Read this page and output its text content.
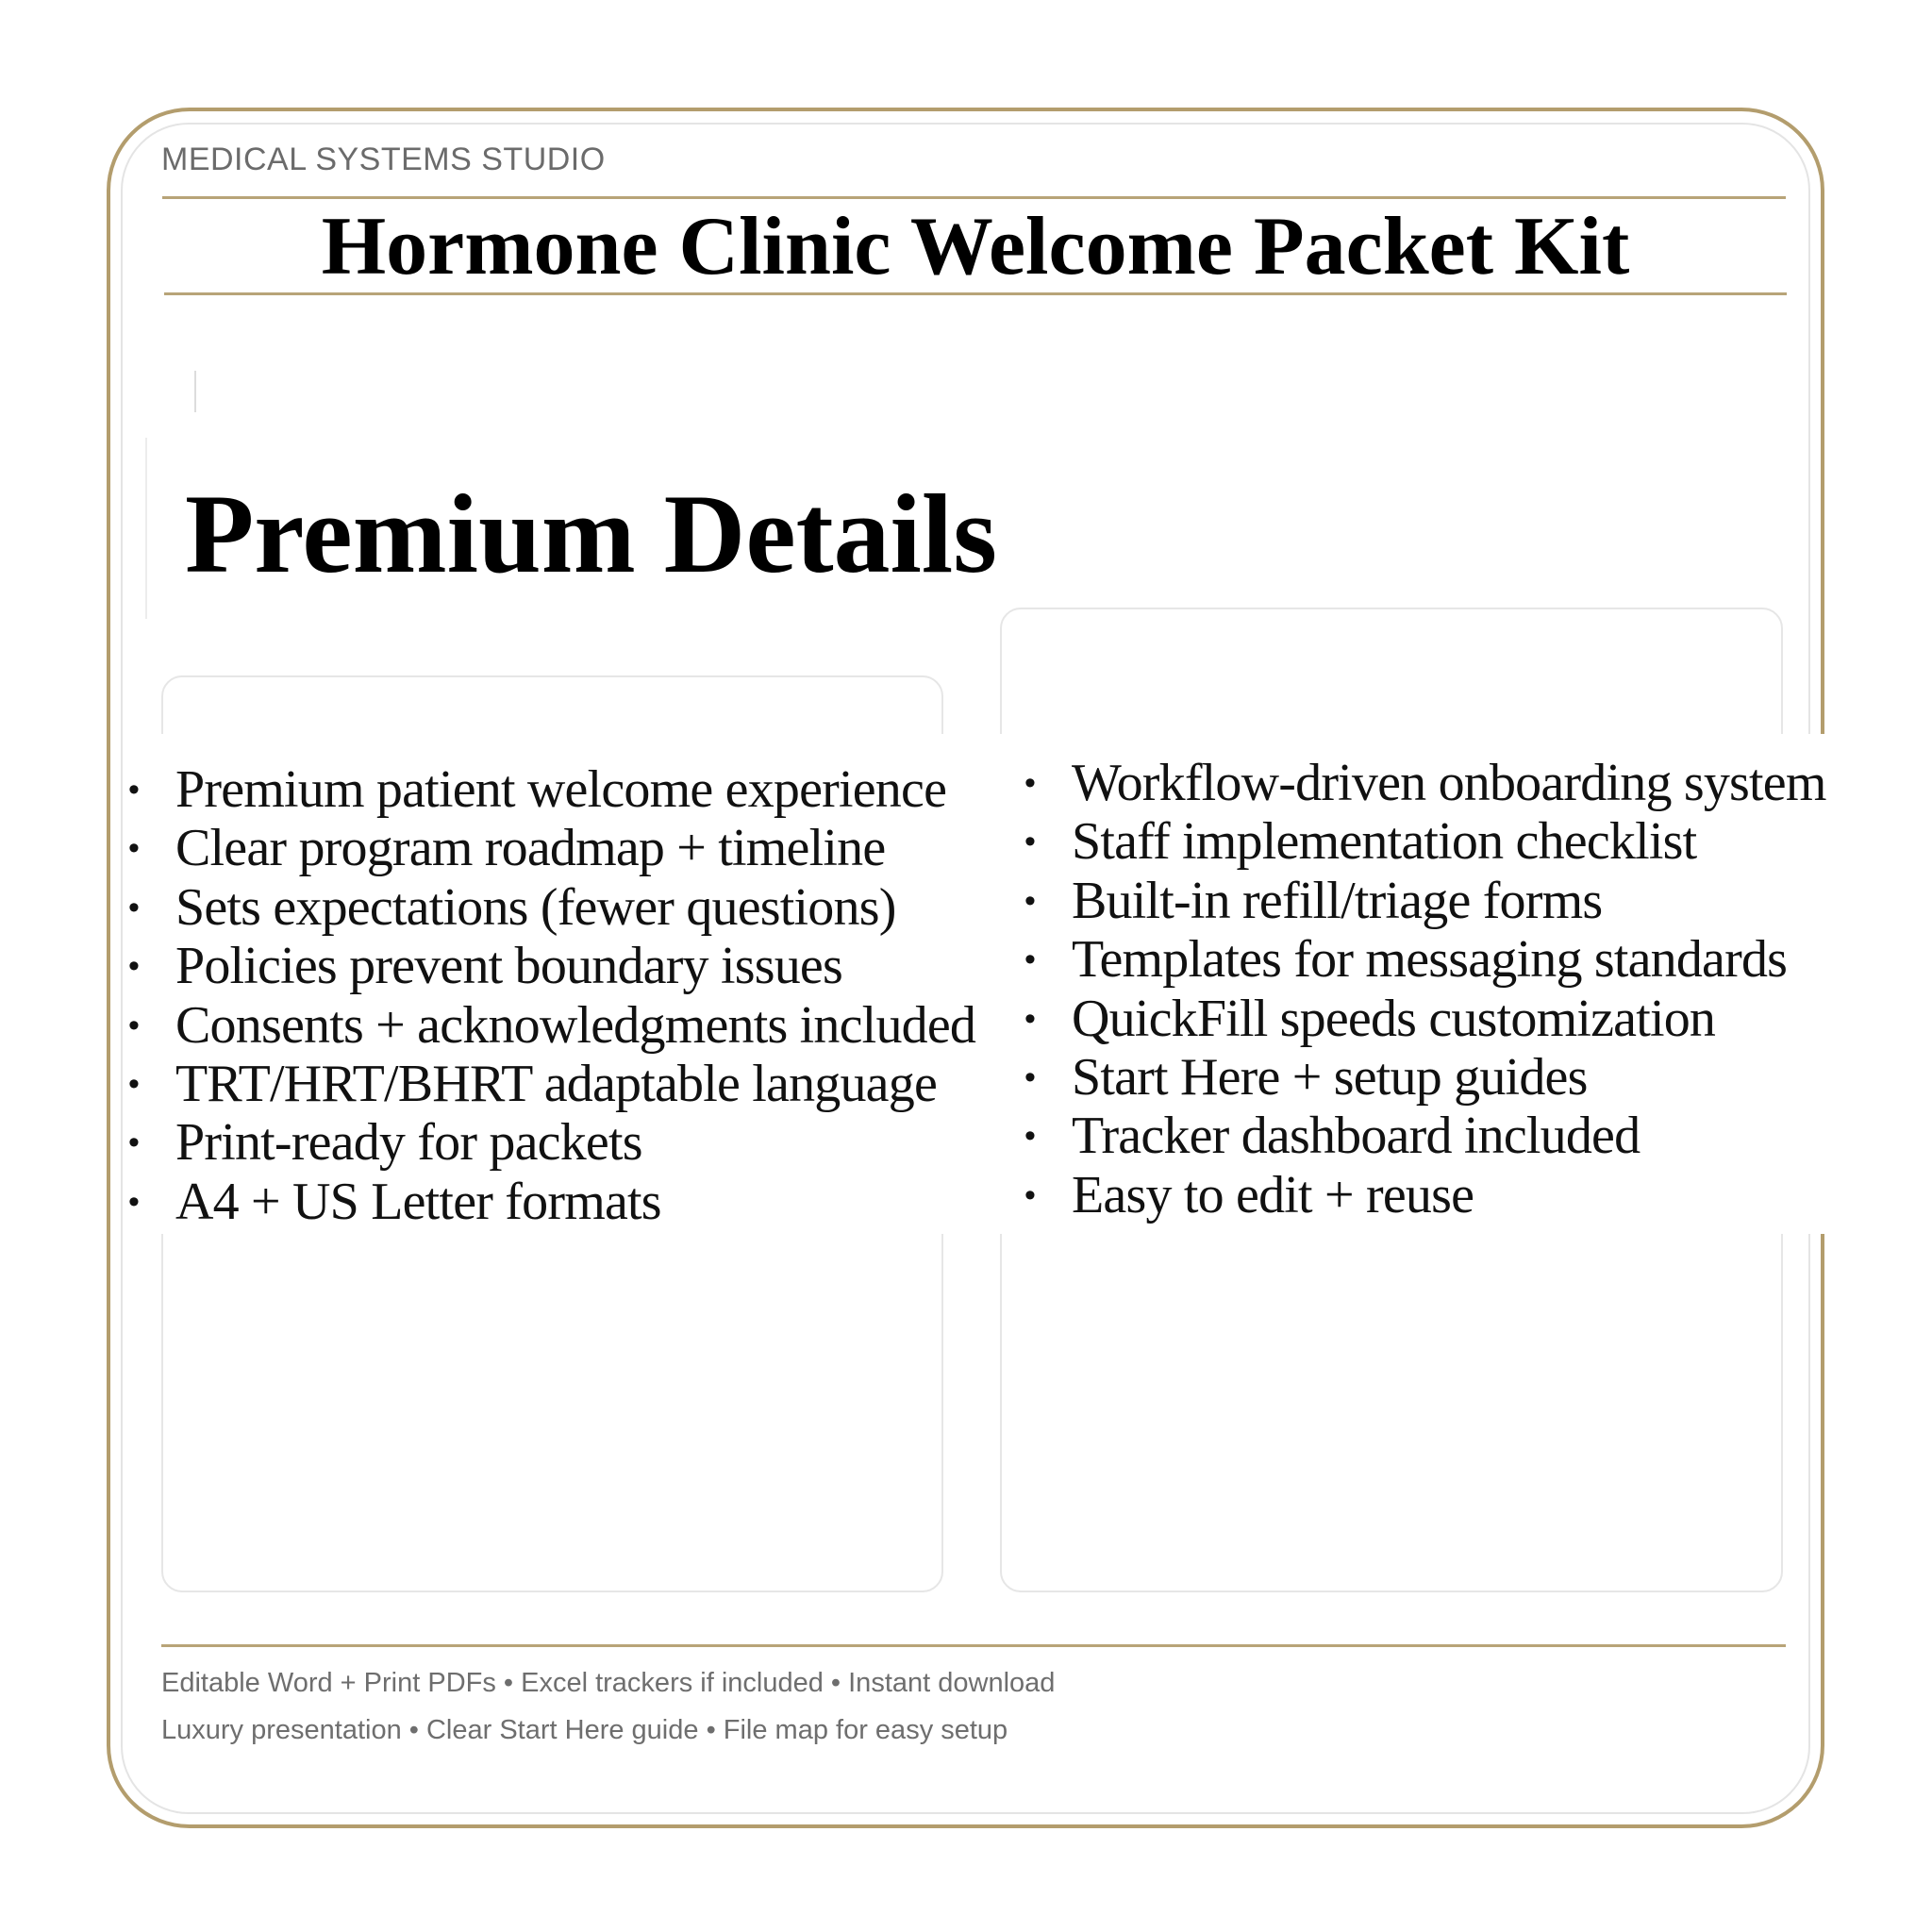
MEDICAL SYSTEMS STUDIO
Hormone Clinic Welcome Packet Kit
Premium Details
• Premium patient welcome experience
• Clear program roadmap + timeline
• Sets expectations (fewer questions)
• Policies prevent boundary issues
• Consents + acknowledgments included
• TRT/HRT/BHRT adaptable language
• Print-ready for packets
• A4 + US Letter formats
• Workflow-driven onboarding system
• Staff implementation checklist
• Built-in refill/triage forms
• Templates for messaging standards
• QuickFill speeds customization
• Start Here + setup guides
• Tracker dashboard included
• Easy to edit + reuse
Editable Word + Print PDFs • Excel trackers if included • Instant download
Luxury presentation • Clear Start Here guide • File map for easy setup
